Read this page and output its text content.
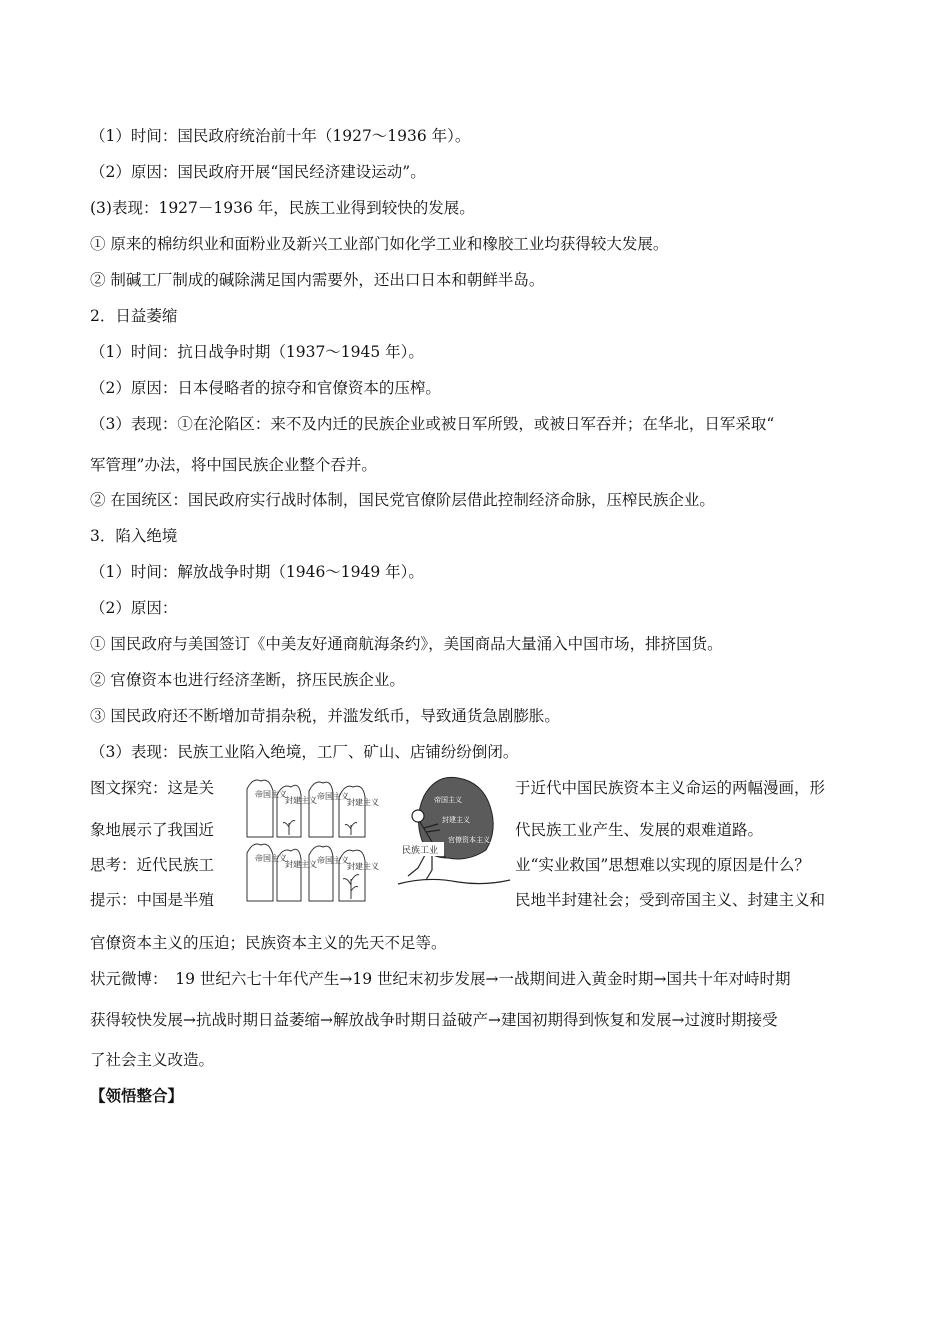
（1）时间：国民政府统治前十年（1927～1936 年）。
（2）原因：国民政府开展“国民经济建设运动”。
(3)表现：1927－1936 年，民族工业得到较快的发展。
① 原来的棉纺织业和面粉业及新兴工业部门如化学工业和橡胶工业均获得较大发展。
② 制碱工厂制成的碱除满足国内需要外，还出口日本和朝鲜半岛。
2．日益萎缩
（1）时间：抗日战争时期（1937～1945 年）。
（2）原因：日本侵略者的掠夺和官僚资本的压榨。
（3）表现：①在沦陷区：来不及内迁的民族企业或被日军所毁，或被日军吞并；在华北，日军采取“
军管理”办法，将中国民族企业整个吞并。
② 在国统区：国民政府实行战时体制，国民党官僚阶层借此控制经济命脉，压榨民族企业。
3．陷入绝境
（1）时间：解放战争时期（1946～1949 年）。
（2）原因：
① 国民政府与美国签订《中美友好通商航海条约》，美国商品大量涌入中国市场，排挤国货。
② 官僚资本也进行经济垄断，挤压民族企业。
③ 国民政府还不断增加苛捐杂税，并滥发纸币，导致通货急剧膨胀。
（3）表现：民族工业陷入绝境，工厂、矿山、店铺纷纷倒闭。
图文探究：这是关
象地展示了我国近
思考：近代民族工
提示：中国是半殖
于近代中国民族资本主义命运的两幅漫画，形
代民族工业产生、发展的艰难道路。
业“实业救国”思想难以实现的原因是什么？
民地半封建社会；受到帝国主义、封建主义和
官僚资本主义的压迫；民族资本主义的先天不足等。
帝国主义
封建主义 帝国主义
封建主义
帝国主义
封建主义 帝国主义
封建主义
帝国主义
封建主义
官僚资本主义
民族工业
状元微博：　19 世纪六七十年代产生→19 世纪末初步发展→一战期间进入黄金时期→国共十年对峙时期
获得较快发展→抗战时期日益萎缩→解放战争时期日益破产→建国初期得到恢复和发展→过渡时期接受
了社会主义改造。
【领悟整合】
